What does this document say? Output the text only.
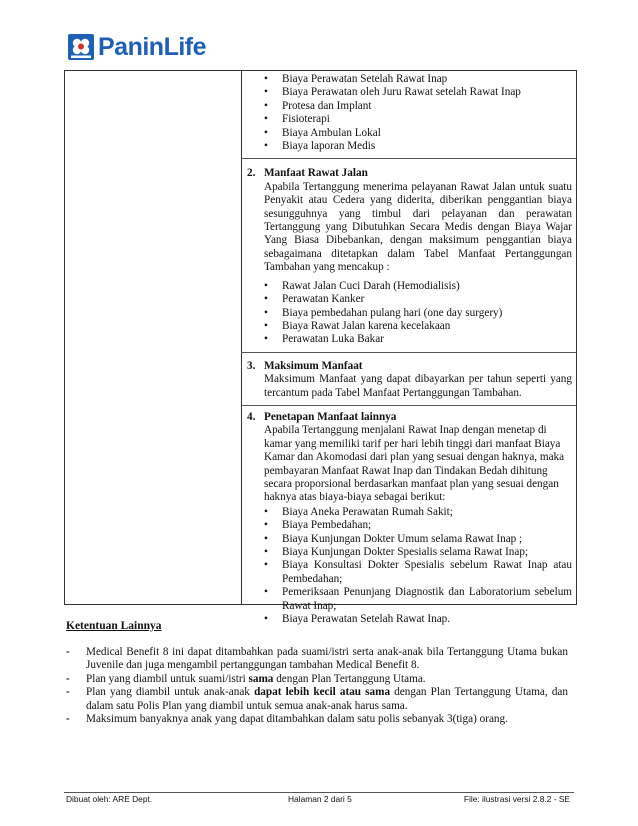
PaninLife
• Biaya Perawatan Setelah Rawat Inap
• Biaya Perawatan oleh Juru Rawat setelah Rawat Inap
• Protesa dan Implant
• Fisioterapi
• Biaya Ambulan Lokal
• Biaya laporan Medis
2. Manfaat Rawat Jalan
Apabila Tertanggung menerima pelayanan Rawat Jalan untuk suatu Penyakit atau Cedera yang diderita, diberikan penggantian biaya sesungguhnya yang timbul dari pelayanan dan perawatan Tertanggung yang Dibutuhkan Secara Medis dengan Biaya Wajar Yang Biasa Dibebankan, dengan maksimum penggantian biaya sebagaimana ditetapkan dalam Tabel Manfaat Pertanggungan Tambahan yang mencakup :
• Rawat Jalan Cuci Darah (Hemodialisis)
• Perawatan Kanker
• Biaya pembedahan pulang hari (one day surgery)
• Biaya Rawat Jalan karena kecelakaan
• Perawatan Luka Bakar
3. Maksimum Manfaat
Maksimum Manfaat yang dapat dibayarkan per tahun seperti yang tercantum pada Tabel Manfaat Pertanggungan Tambahan.
4. Penetapan Manfaat lainnya
Apabila Tertanggung menjalani Rawat Inap dengan menetap di kamar yang memiliki tarif per hari lebih tinggi dari manfaat Biaya Kamar dan Akomodasi dari plan yang sesuai dengan haknya, maka pembayaran Manfaat Rawat Inap dan Tindakan Bedah dihitung secara proporsional berdasarkan manfaat plan yang sesuai dengan haknya atas biaya-biaya sebagai berikut:
• Biaya Aneka Perawatan Rumah Sakit;
• Biaya Pembedahan;
• Biaya Kunjungan Dokter Umum selama Rawat Inap ;
• Biaya Kunjungan Dokter Spesialis selama Rawat Inap;
• Biaya Konsultasi Dokter Spesialis sebelum Rawat Inap atau Pembedahan;
• Pemeriksaan Penunjang Diagnostik dan Laboratorium sebelum Rawat Inap;
• Biaya Perawatan Setelah Rawat Inap.
Ketentuan Lainnya
- Medical Benefit 8 ini dapat ditambahkan pada suami/istri serta anak-anak bila Tertanggung Utama bukan Juvenile dan juga mengambil pertanggungan tambahan Medical Benefit 8.
- Plan yang diambil untuk suami/istri sama dengan Plan Tertanggung Utama.
- Plan yang diambil untuk anak-anak dapat lebih kecil atau sama dengan Plan Tertanggung Utama, dan dalam satu Polis Plan yang diambil untuk semua anak-anak harus sama.
- Maksimum banyaknya anak yang dapat ditambahkan dalam satu polis sebanyak 3(tiga) orang.
Dibuat oleh: ARE Dept.	Halaman 2 dari 5	File: ilustrasi versi 2.8.2 - SE
